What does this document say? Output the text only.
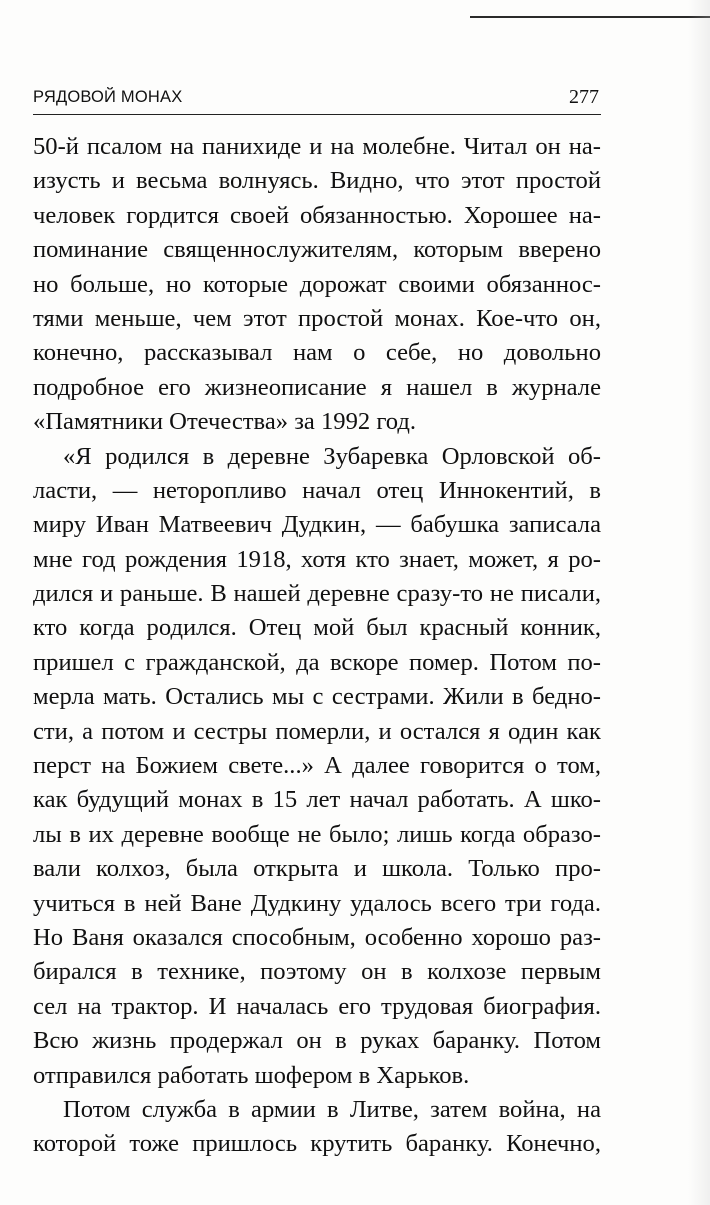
РЯДОВОЙ МОНАХ	277
50-й псалом на панихиде и на молебне. Читал он на-
изусть и весьма волнуясь. Видно, что этот простой
человек гордится своей обязанностью. Хорошее на-
поминание священнослужителям, которым вверено
но больше, но которые дорожат своими обязаннос-
тями меньше, чем этот простой монах. Кое-что он,
конечно, рассказывал нам о себе, но довольно
подробное его жизнеописание я нашел в журнале
«Памятники Отечества» за 1992 год.
«Я родился в деревне Зубаревка Орловской об-
ласти, — неторопливо начал отец Иннокентий, в
миру Иван Матвеевич Дудкин, — бабушка записала
мне год рождения 1918, хотя кто знает, может, я ро-
дился и раньше. В нашей деревне сразу-то не писали,
кто когда родился. Отец мой был красный конник,
пришел с гражданской, да вскоре помер. Потом по-
мерла мать. Остались мы с сестрами. Жили в бедно-
сти, а потом и сестры померли, и остался я один как
перст на Божием свете...» А далее говорится о том,
как будущий монах в 15 лет начал работать. А шко-
лы в их деревне вообще не было; лишь когда образо-
вали колхоз, была открыта и школа. Только про-
учиться в ней Ване Дудкину удалось всего три года.
Но Ваня оказался способным, особенно хорошо раз-
бирался в технике, поэтому он в колхозе первым
сел на трактор. И началась его трудовая биография.
Всю жизнь продержал он в руках баранку. Потом
отправился работать шофером в Харьков.
Потом служба в армии в Литве, затем война, на
которой тоже пришлось крутить баранку. Конечно,
